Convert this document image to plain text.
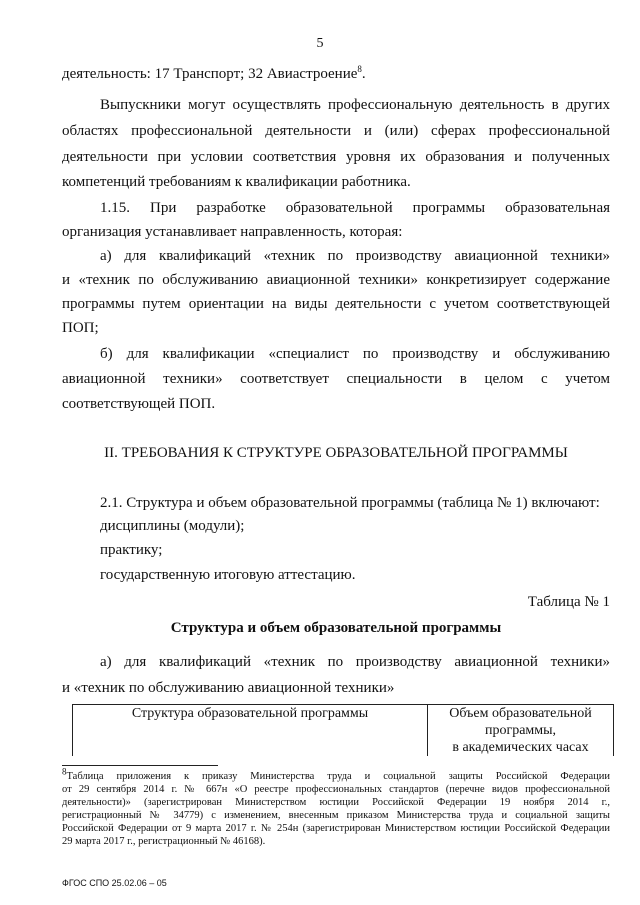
5
деятельность: 17 Транспорт; 32 Авиастроение$^8$.
Выпускники могут осуществлять профессиональную деятельность в других
областях профессиональной деятельности и (или) сферах профессиональной
деятельности при условии соответствия уровня их образования и полученных
компетенций требованиям к квалификации работника.
1.15. При разработке образовательной программы образовательная
организация устанавливает направленность, которая:
а) для квалификаций «техник по производству авиационной техники»
и «техник по обслуживанию авиационной техники» конкретизирует содержание
программы путем ориентации на виды деятельности с учетом соответствующей
ПОП;
б) для квалификации «специалист по производству и обслуживанию
авиационной техники» соответствует специальности в целом с учетом
соответствующей ПОП.
II. ТРЕБОВАНИЯ К СТРУКТУРЕ ОБРАЗОВАТЕЛЬНОЙ ПРОГРАММЫ
2.1. Структура и объем образовательной программы (таблица № 1) включают:
дисциплины (модули);
практику;
государственную итоговую аттестацию.
Таблица № 1
Структура и объем образовательной программы
а) для квалификаций «техник по производству авиационной техники»
и «техник по обслуживанию авиационной техники»
Структура образовательной программы	Объем образовательной
программы,
в академических часах
$^8$Таблица приложения к приказу Министерства труда и социальной защиты Российской Федерации
от 29 сентября 2014 г. № 667н «О реестре профессиональных стандартов (перечне видов профессиональной
деятельности)» (зарегистрирован Министерством юстиции Российской Федерации 19 ноября 2014 г.,
регистрационный № 34779) с изменением, внесенным приказом Министерства труда и социальной защиты
Российской Федерации от 9 марта 2017 г. № 254н (зарегистрирован Министерством юстиции Российской Федерации
29 марта 2017 г., регистрационный № 46168).
ФГОС СПО 25.02.06 – 05
